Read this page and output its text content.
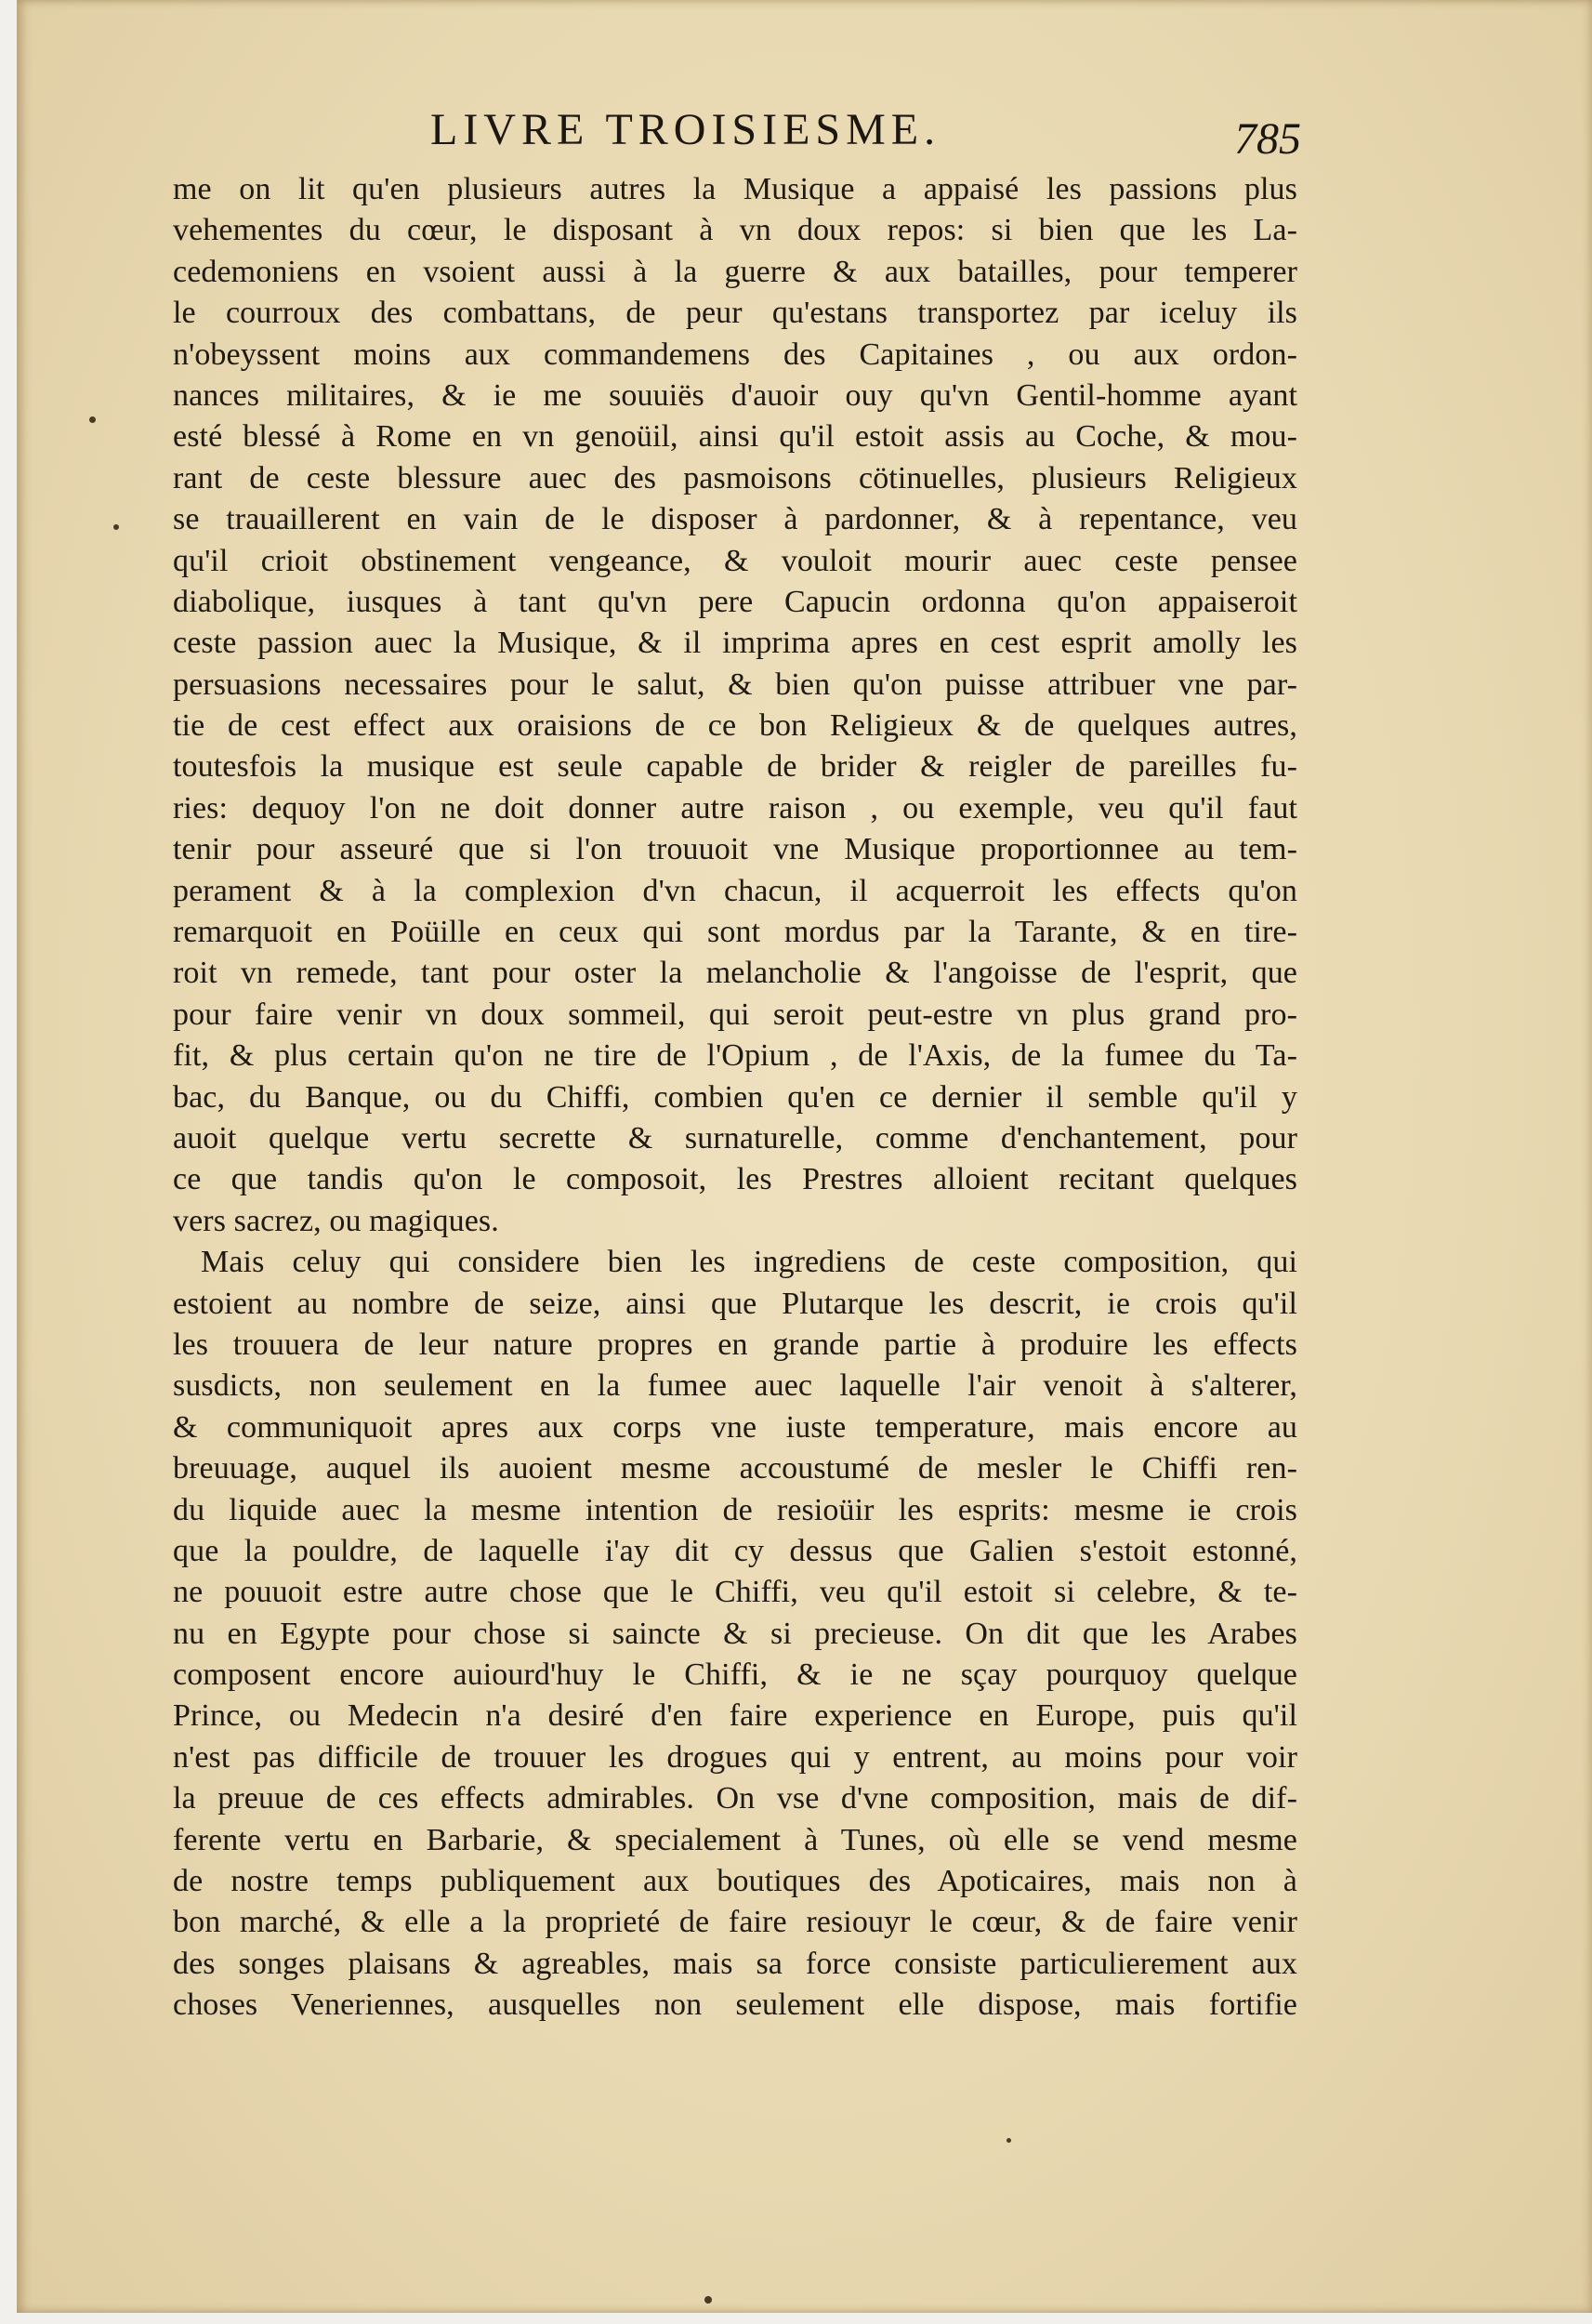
LIVRE TROISIESME.	785
me on lit qu'en plusieurs autres la Musique a appaisé les passions plus
vehementes du cœur, le disposant à vn doux repos: si bien que les La-
cedemoniens en vsoient aussi à la guerre & aux batailles, pour temperer
le courroux des combattans, de peur qu'estans transportez par iceluy ils
n'obeyssent moins aux commandemens des Capitaines , ou aux ordon-
nances militaires, & ie me souuiës d'auoir ouy qu'vn Gentil-homme ayant
esté blessé à Rome en vn genoüil, ainsi qu'il estoit assis au Coche, & mou-
rant de ceste blessure auec des pasmoisons cötinuelles, plusieurs Religieux
se trauaillerent en vain de le disposer à pardonner, & à repentance, veu
qu'il crioit obstinement vengeance, & vouloit mourir auec ceste pensee
diabolique, iusques à tant qu'vn pere Capucin ordonna qu'on appaiseroit
ceste passion auec la Musique, & il imprima apres en cest esprit amolly les
persuasions necessaires pour le salut, & bien qu'on puisse attribuer vne par-
tie de cest effect aux oraisions de ce bon Religieux & de quelques autres,
toutesfois la musique est seule capable de brider & reigler de pareilles fu-
ries: dequoy l'on ne doit donner autre raison , ou exemple, veu qu'il faut
tenir pour asseuré que si l'on trouuoit vne Musique proportionnee au tem-
perament & à la complexion d'vn chacun, il acquerroit les effects qu'on
remarquoit en Poüille en ceux qui sont mordus par la Tarante, & en tire-
roit vn remede, tant pour oster la melancholie & l'angoisse de l'esprit, que
pour faire venir vn doux sommeil, qui seroit peut-estre vn plus grand pro-
fit, & plus certain qu'on ne tire de l'Opium , de l'Axis, de la fumee du Ta-
bac, du Banque, ou du Chiffi, combien qu'en ce dernier il semble qu'il y
auoit quelque vertu secrette & surnaturelle, comme d'enchantement, pour
ce que tandis qu'on le composoit, les Prestres alloient recitant quelques
vers sacrez, ou magiques.
Mais celuy qui considere bien les ingrediens de ceste composition, qui
estoient au nombre de seize, ainsi que Plutarque les descrit, ie crois qu'il
les trouuera de leur nature propres en grande partie à produire les effects
susdicts, non seulement en la fumee auec laquelle l'air venoit à s'alterer,
& communiquoit apres aux corps vne iuste temperature, mais encore au
breuuage, auquel ils auoient mesme accoustumé de mesler le Chiffi ren-
du liquide auec la mesme intention de resioüir les esprits: mesme ie crois
que la pouldre, de laquelle i'ay dit cy dessus que Galien s'estoit estonné,
ne pouuoit estre autre chose que le Chiffi, veu qu'il estoit si celebre, & te-
nu en Egypte pour chose si saincte & si precieuse. On dit que les Arabes
composent encore auiourd'huy le Chiffi, & ie ne sçay pourquoy quelque
Prince, ou Medecin n'a desiré d'en faire experience en Europe, puis qu'il
n'est pas difficile de trouuer les drogues qui y entrent, au moins pour voir
la preuue de ces effects admirables. On vse d'vne composition, mais de dif-
ferente vertu en Barbarie, & specialement à Tunes, où elle se vend mesme
de nostre temps publiquement aux boutiques des Apoticaires, mais non à
bon marché, & elle a la proprieté de faire resiouyr le cœur, & de faire venir
des songes plaisans & agreables, mais sa force consiste particulierement aux
choses Veneriennes, ausquelles non seulement elle dispose, mais fortifie
